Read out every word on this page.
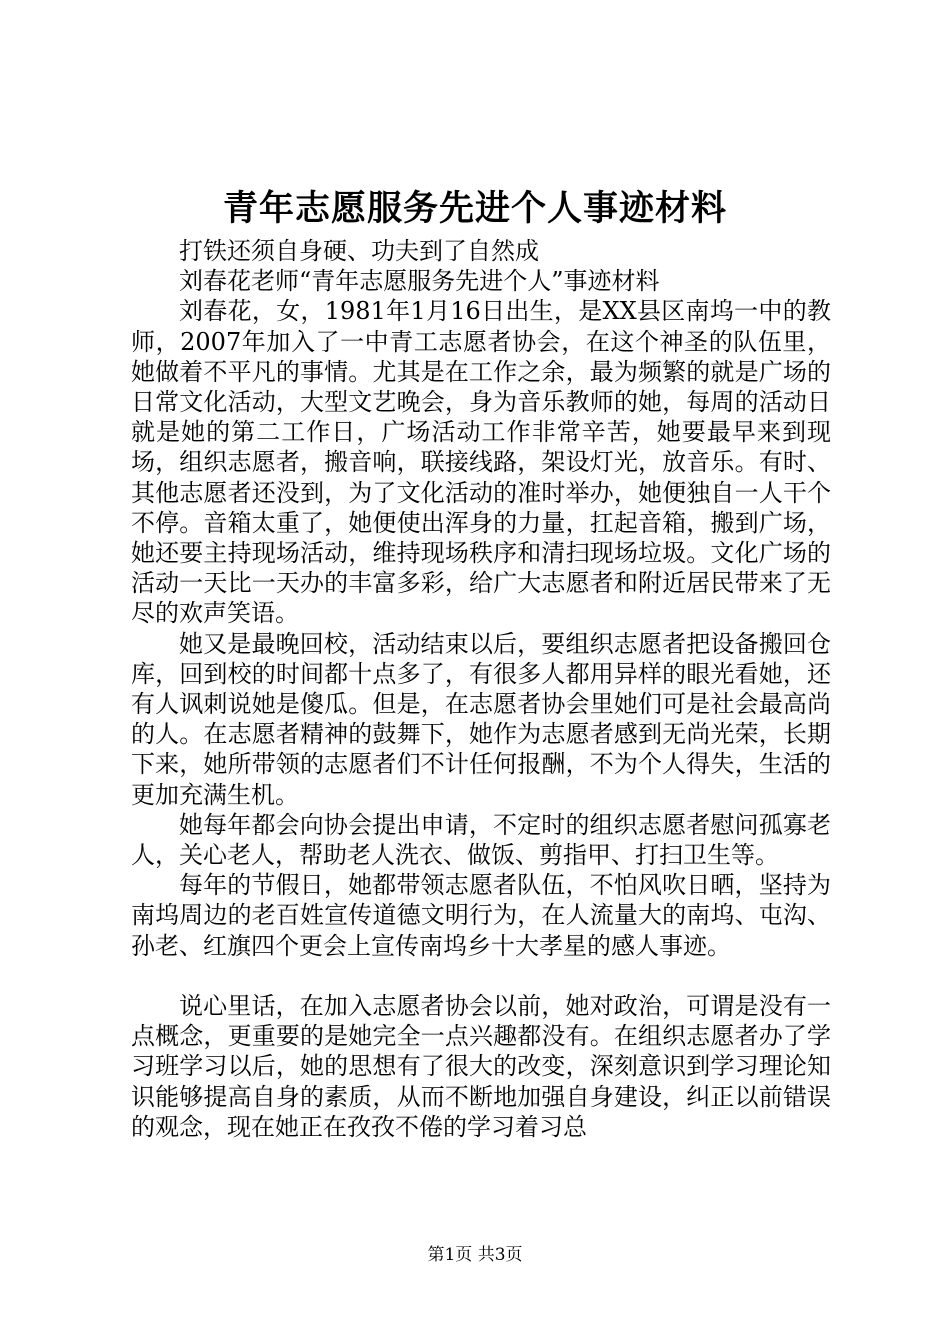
青年志愿服务先进个人事迹材料

打铁还须自身硬、功夫到了自然成

刘春花老师“青年志愿服务先进个人”事迹材料

刘春花，女，1981年1月16日出生，是XX县区南坞一中的教师，2007年加入了一中青工志愿者协会，在这个神圣的队伍里，她做着不平凡的事情。尤其是在工作之余，最为频繁的就是广场的日常文化活动，大型文艺晚会，身为音乐教师的她，每周的活动日就是她的第二工作日，广场活动工作非常辛苦，她要最早来到现场，组织志愿者，搬音响，联接线路，架设灯光，放音乐。有时、其他志愿者还没到，为了文化活动的准时举办，她便独自一人干个不停。音箱太重了，她便使出浑身的力量，扛起音箱，搬到广场，她还要主持现场活动，维持现场秩序和清扫现场垃圾。文化广场的活动一天比一天办的丰富多彩，给广大志愿者和附近居民带来了无尽的欢声笑语。

她又是最晚回校，活动结束以后，要组织志愿者把设备搬回仓库，回到校的时间都十点多了，有很多人都用异样的眼光看她，还有人讽刺说她是傻瓜。但是，在志愿者协会里她们可是社会最高尚的人。在志愿者精神的鼓舞下，她作为志愿者感到无尚光荣，长期下来，她所带领的志愿者们不计任何报酬，不为个人得失，生活的更加充满生机。

她每年都会向协会提出申请，不定时的组织志愿者慰问孤寡老人，关心老人，帮助老人洗衣、做饭、剪指甲、打扫卫生等。

每年的节假日，她都带领志愿者队伍，不怕风吹日晒，坚持为南坞周边的老百姓宣传道德文明行为，在人流量大的南坞、屯沟、孙老、红旗四个更会上宣传南坞乡十大孝星的感人事迹。

说心里话，在加入志愿者协会以前，她对政治，可谓是没有一点概念，更重要的是她完全一点兴趣都没有。在组织志愿者办了学习班学习以后，她的思想有了很大的改变，深刻意识到学习理论知识能够提高自身的素质，从而不断地加强自身建设，纠正以前错误的观念，现在她正在孜孜不倦的学习着习总

第1页 共3页
